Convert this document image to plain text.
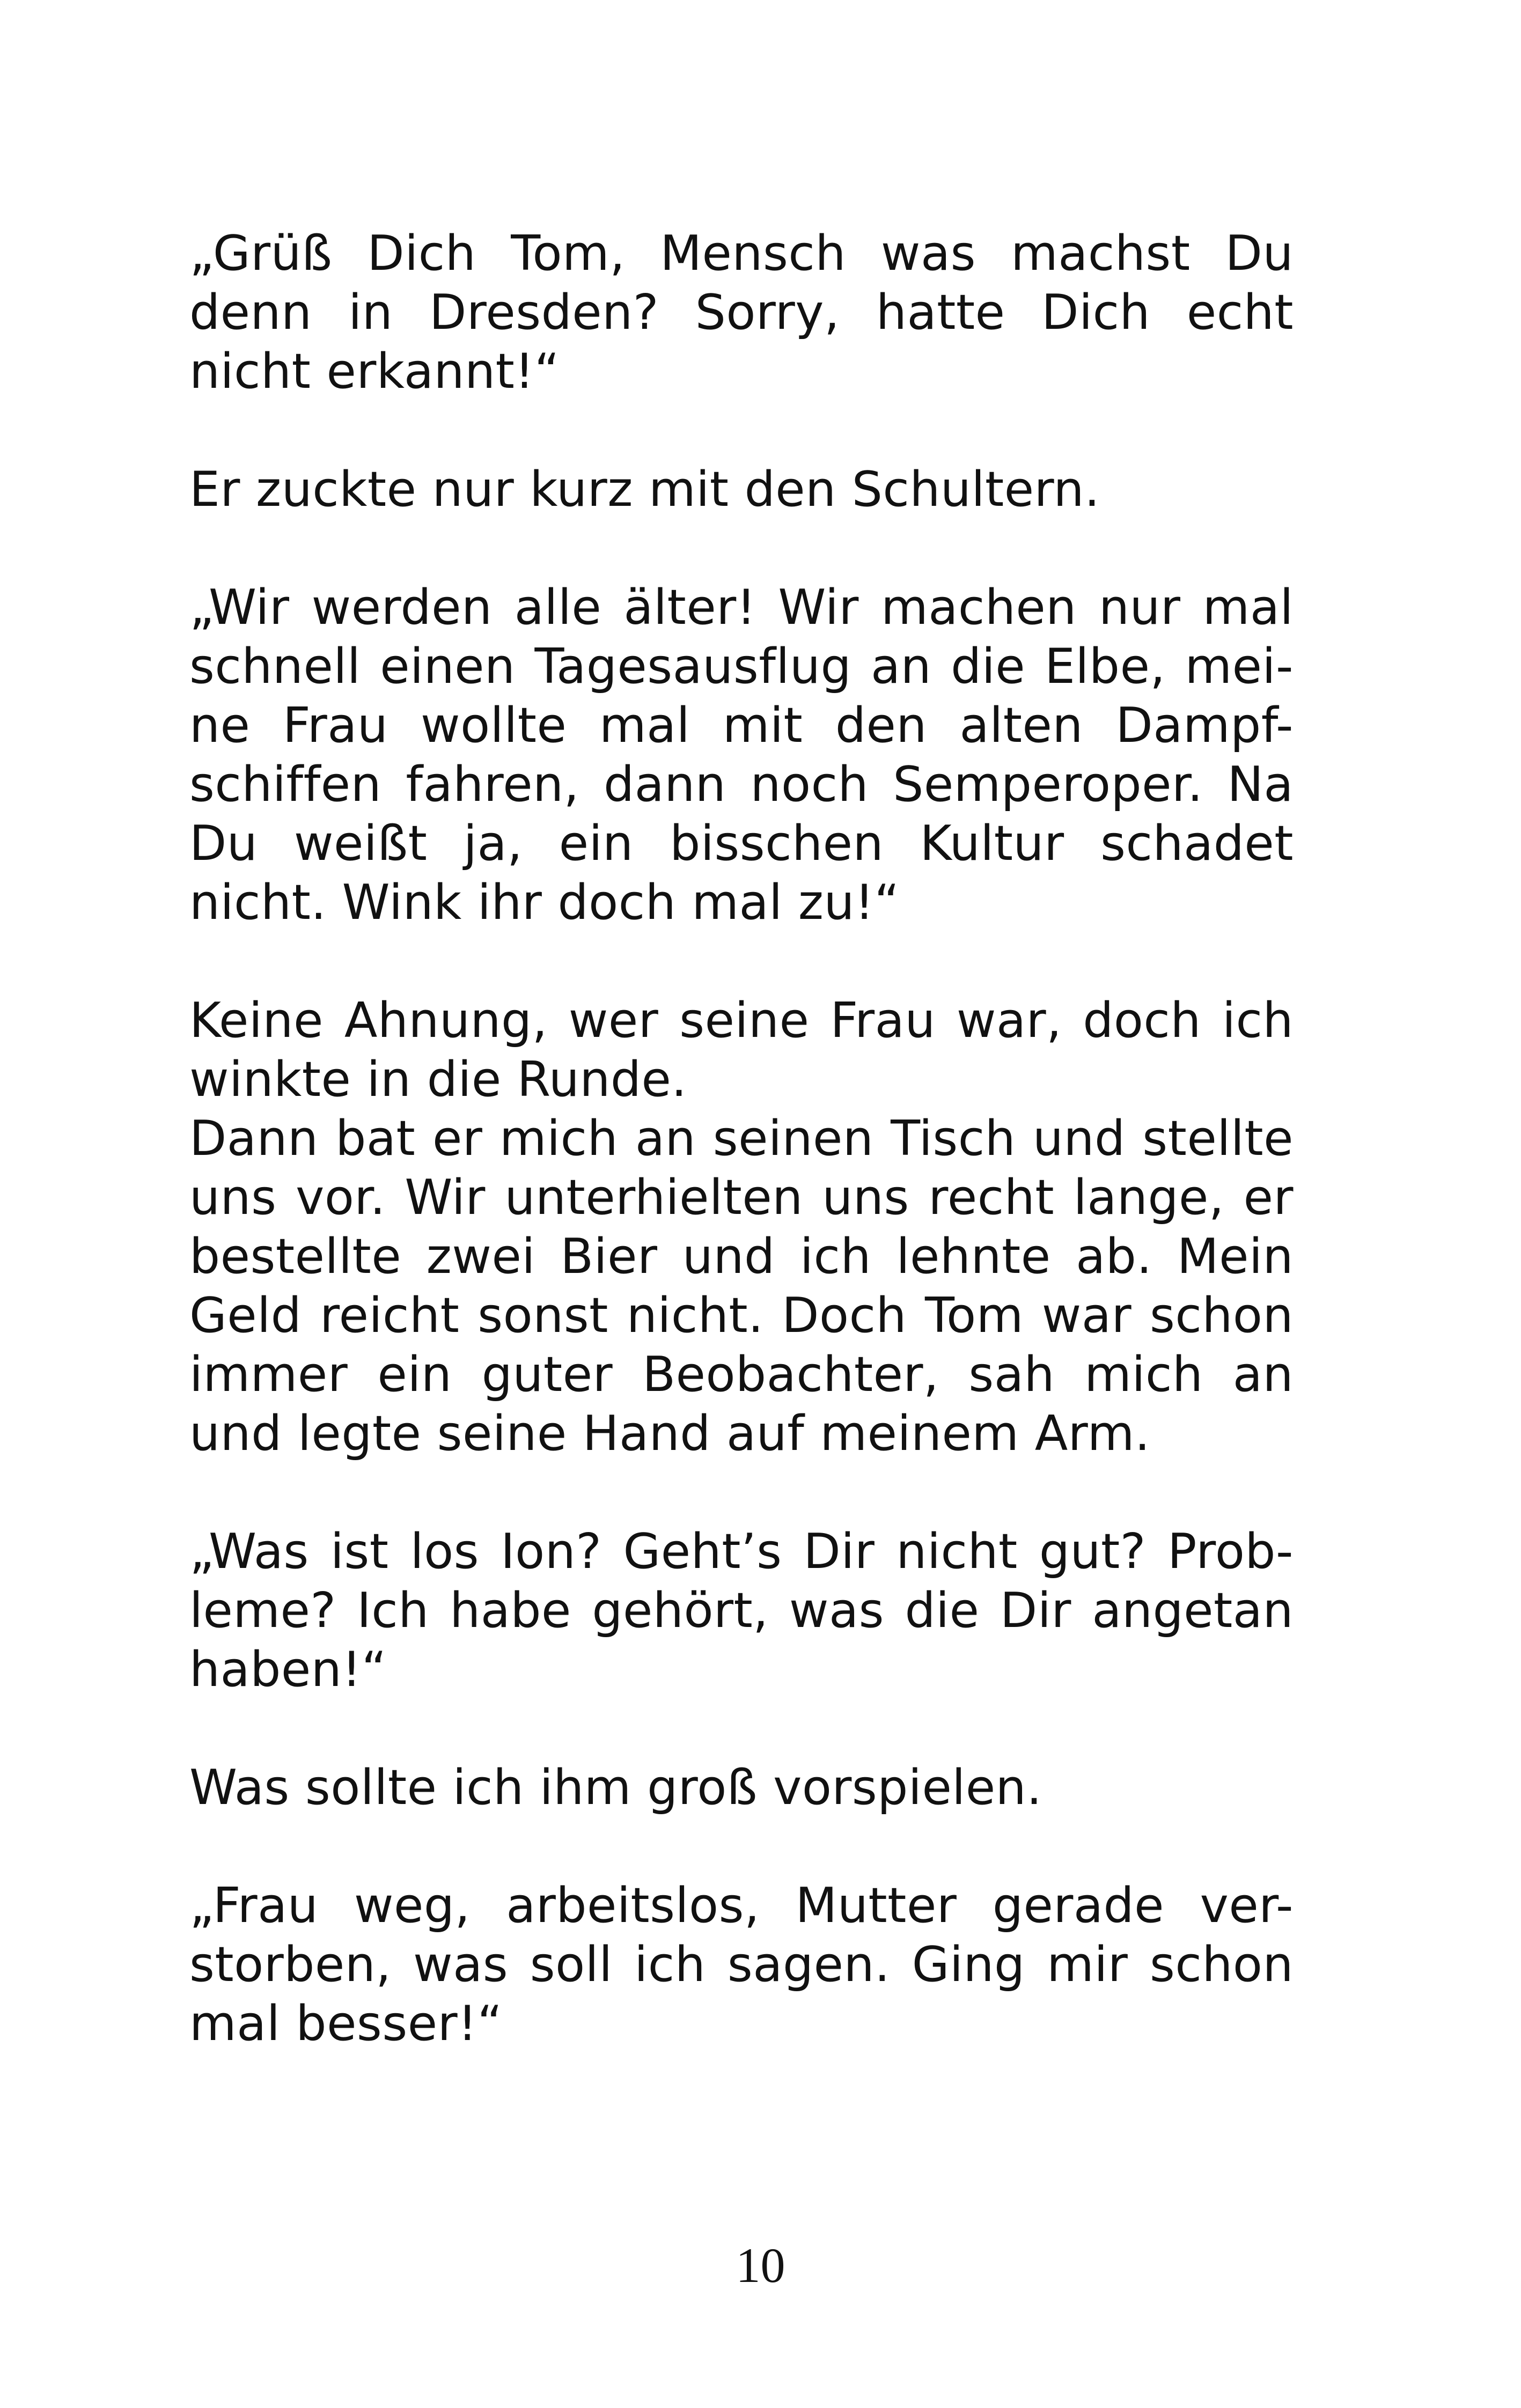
„Grüß Dich Tom, Mensch was machst Du
denn in Dresden? Sorry, hatte Dich echt
nicht erkannt!“
Er zuckte nur kurz mit den Schultern.
„Wir werden alle älter! Wir machen nur mal
schnell einen Tagesausflug an die Elbe, mei-
ne Frau wollte mal mit den alten Dampf-
schiffen fahren, dann noch Semperoper. Na
Du weißt ja, ein bisschen Kultur schadet
nicht. Wink ihr doch mal zu!“
Keine Ahnung, wer seine Frau war, doch ich
winkte in die Runde.
Dann bat er mich an seinen Tisch und stellte
uns vor. Wir unterhielten uns recht lange, er
bestellte zwei Bier und ich lehnte ab. Mein
Geld reicht sonst nicht. Doch Tom war schon
immer ein guter Beobachter, sah mich an
und legte seine Hand auf meinem Arm.
„Was ist los Ion? Geht’s Dir nicht gut? Prob-
leme? Ich habe gehört, was die Dir angetan
haben!“
Was sollte ich ihm groß vorspielen.
„Frau weg, arbeitslos, Mutter gerade ver-
storben, was soll ich sagen. Ging mir schon
mal besser!“
10
